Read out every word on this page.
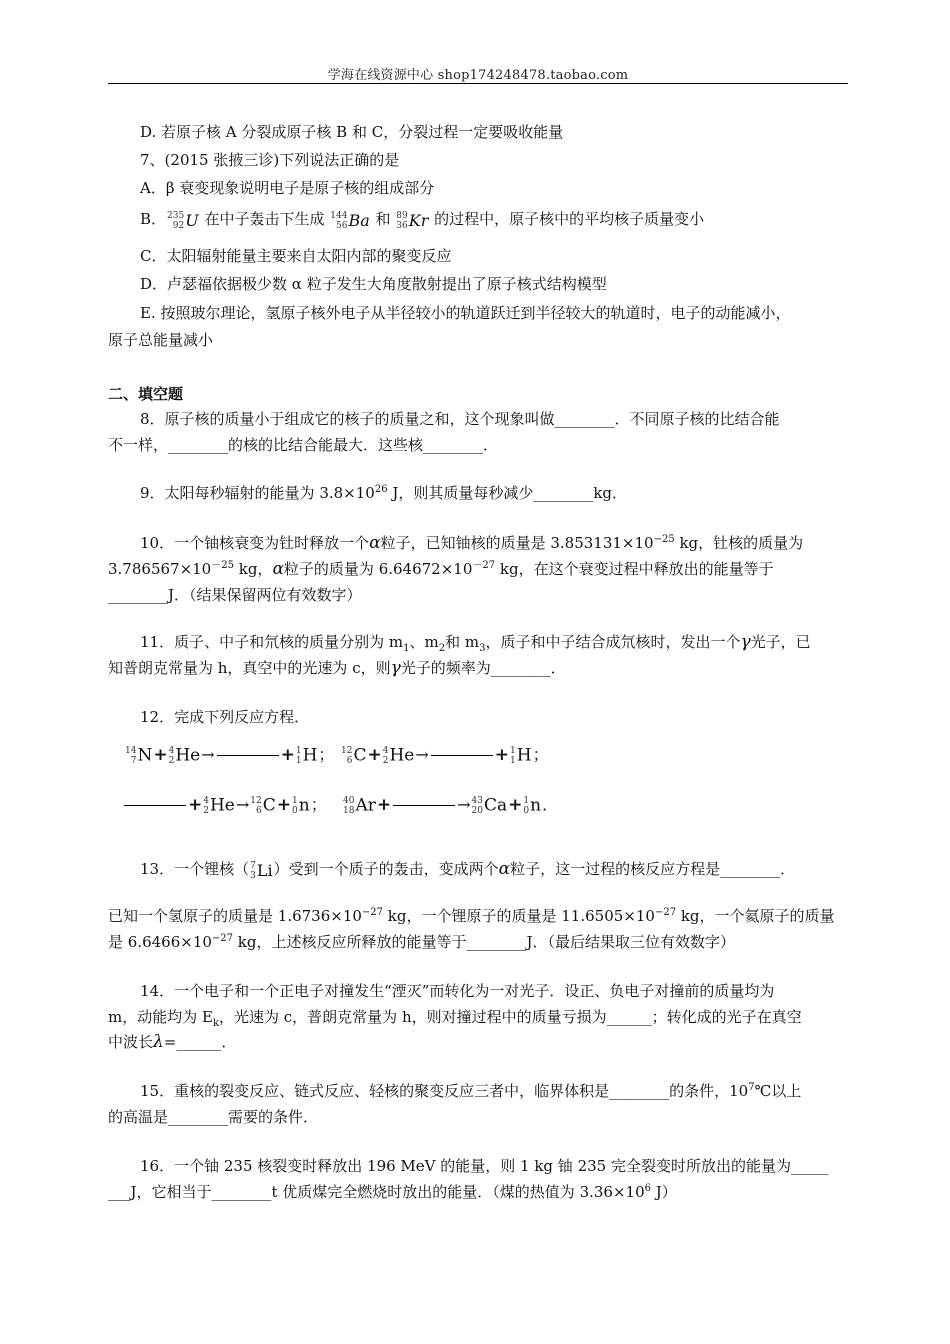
学海在线资源中心 shop174248478.taobao.com
D. 若原子核 A 分裂成原子核 B 和 C，分裂过程一定要吸收能量
7、(2015 张掖三诊)下列说法正确的是
A．β 衰变现象说明电子是原子核的组成部分
B．235
92U 在中子轰击下生成 144
56Ba 和 89
36Kr 的过程中，原子核中的平均核子质量变小
C．太阳辐射能量主要来自太阳内部的聚变反应
D．卢瑟福依据极少数 α 粒子发生大角度散射提出了原子核式结构模型
E. 按照玻尔理论，氢原子核外电子从半径较小的轨道跃迁到半径较大的轨道时，电子的动能减小，
原子总能量减小
二、填空题
8．原子核的质量小于组成它的核子的质量之和，这个现象叫做________．不同原子核的比结合能
不一样，________的核的比结合能最大．这些核________．
9．太阳每秒辐射的能量为 $3.8\times 10^{26}$ J，则其质量每秒减少________kg．
10．一个铀核衰变为钍时释放一个α粒子，已知铀核的质量是 $3.853131\times 10^{-25}$ kg，钍核的质量为
$3.786567\times 10^{-25}$ kg，α粒子的质量为 $6.64672\times 10^{-27}$ kg，在这个衰变过程中释放出的能量等于
________J．（结果保留两位有效数字）
11．质子、中子和氘核的质量分别为 $m_1$、$m_2$和 $m_3$，质子和中子结合成氘核时，发出一个γ光子，已
知普朗克常量为 h，真空中的光速为 c，则γ光子的频率为________．
12．完成下列反应方程．
14
7N+4
2He→	+1
1H； 12
6C+4
2He→	+1
1H；
+4
2He→12
6C+1
0n； 40
18Ar+	→43
20Ca+1
0n．
13．一个锂核（7
3Li）受到一个质子的轰击，变成两个α粒子，这一过程的核反应方程是________．
已知一个氢原子的质量是 $1.6736\times 10^{-27}$ kg，一个锂原子的质量是 $11.6505\times 10^{-27}$ kg，一个氦原子的质量
是 $6.6466\times 10^{-27}$ kg，上述核反应所释放的能量等于________J．（最后结果取三位有效数字）
14．一个电子和一个正电子对撞发生“湮灭”而转化为一对光子．设正、负电子对撞前的质量均为
m，动能均为 $E_k$，光速为 c，普朗克常量为 h，则对撞过程中的质量亏损为______；转化成的光子在真空
中波长λ=______．
15．重核的裂变反应、链式反应、轻核的聚变反应三者中，临界体积是________的条件，$10^7℃$以上
的高温是________需要的条件．
16．一个铀 235 核裂变时释放出 196 MeV 的能量，则 1 kg 铀 235 完全裂变时所放出的能量为_____
___J，它相当于________t 优质煤完全燃烧时放出的能量．（煤的热值为 $3.36\times 10^6$ J）
